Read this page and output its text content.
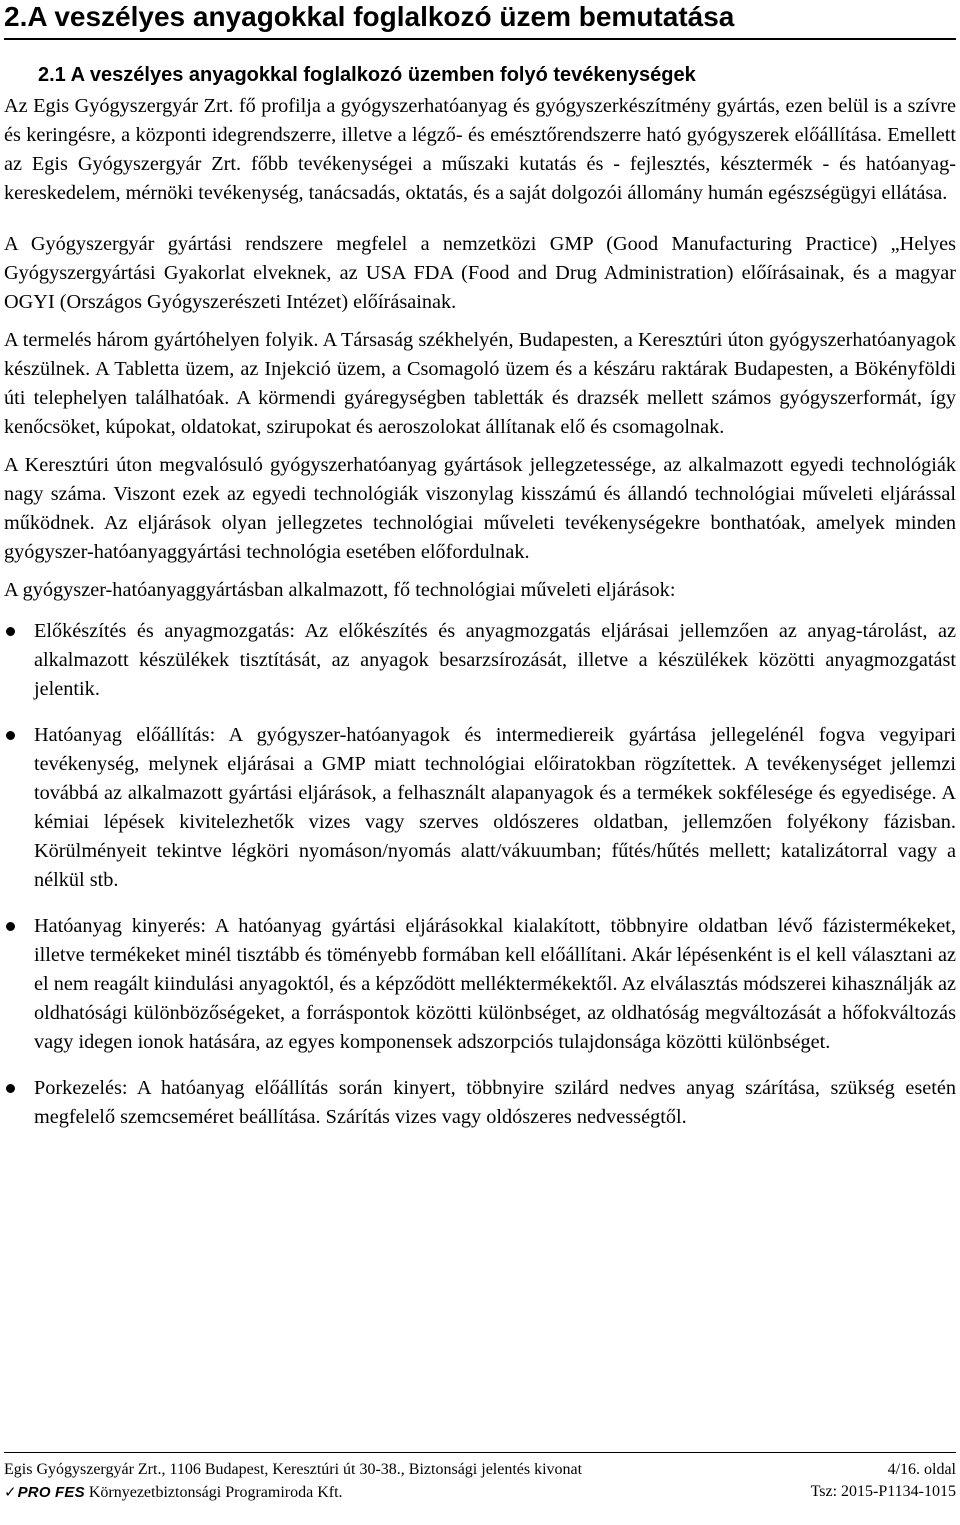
2.A veszélyes anyagokkal foglalkozó üzem bemutatása
2.1 A veszélyes anyagokkal foglalkozó üzemben folyó tevékenységek

Az Egis Gyógyszergyár Zrt. fő profilja a gyógyszerhatóanyag és gyógyszerkészítmény gyártás, ezen belül is a szívre és keringésre, a központi idegrendszerre, illetve a légző- és emésztőrendszerre ható gyógyszerek előállítása. Emellett az Egis Gyógyszergyár Zrt. főbb tevékenységei a műszaki kutatás és - fejlesztés, késztermék - és hatóanyag-kereskedelem, mérnöki tevékenység, tanácsadás, oktatás, és a saját dolgozói állomány humán egészségügyi ellátása.

A Gyógyszergyár gyártási rendszere megfelel a nemzetközi GMP (Good Manufacturing Practice) „Helyes Gyógyszergyártási Gyakorlat elveknek, az USA FDA (Food and Drug Administration) előírásainak, és a magyar OGYI (Országos Gyógyszerészeti Intézet) előírásainak.

A termelés három gyártóhelyen folyik. A Társaság székhelyén, Budapesten, a Keresztúri úton gyógyszerhatóanyagok készülnek. A Tabletta üzem, az Injekció üzem, a Csomagoló üzem és a készáru raktárak Budapesten, a Bökényföldi úti telephelyen találhatóak. A körmendi gyáregységben tabletták és drazsék mellett számos gyógyszerformát, így kenőcsöket, kúpokat, oldatokat, szirupokat és aeroszolokat állítanak elő és csomagolnak.

A Keresztúri úton megvalósuló gyógyszerhatóanyag gyártások jellegzetessége, az alkalmazott egyedi technológiák nagy száma. Viszont ezek az egyedi technológiák viszonylag kisszámú és állandó technológiai műveleti eljárással működnek. Az eljárások olyan jellegzetes technológiai műveleti tevékenységekre bonthatóak, amelyek minden gyógyszer-hatóanyaggyártási technológia esetében előfordulnak.

A gyógyszer-hatóanyaggyártásban alkalmazott, fő technológiai műveleti eljárások:

Előkészítés és anyagmozgatás: Az előkészítés és anyagmozgatás eljárásai jellemzően az anyag-tárolást, az alkalmazott készülékek tisztítását, az anyagok besarzsírozását, illetve a készülékek közötti anyagmozgatást jelentik.
Hatóanyag előállítás: A gyógyszer-hatóanyagok és intermediereik gyártása jellegelénél fogva vegyipari tevékenység, melynek eljárásai a GMP miatt technológiai előiratokban rögzítettek. A tevékenységet jellemzi továbbá az alkalmazott gyártási eljárások, a felhasznált alapanyagok és a termékek sokfélesége és egyedisége. A kémiai lépések kivitelezhetők vizes vagy szerves oldószeres oldatban, jellemzően folyékony fázisban. Körülményeit tekintve légköri nyomáson/nyomás alatt/vákuumban; fűtés/hűtés mellett; katalizátorral vagy a nélkül stb.
Hatóanyag kinyerés: A hatóanyag gyártási eljárásokkal kialakított, többnyire oldatban lévő fázistermékeket, illetve termékeket minél tisztább és töményebb formában kell előállítani. Akár lépésenként is el kell választani az el nem reagált kiindulási anyagoktól, és a képződött melléktermékektől. Az elválasztás módszerei kihasználják az oldhatósági különbözőségeket, a forráspontok közötti különbséget, az oldhatóság megváltozását a hőfokváltozás vagy idegen ionok hatására, az egyes komponensek adszorpciós tulajdonsága közötti különbséget.
Porkezelés: A hatóanyag előállítás során kinyert, többnyire szilárd nedves anyag szárítása, szükség esetén megfelelő szemcseméret beállítása. Szárítás vizes vagy oldószeres nedvességtől.
Egis Gyógyszergyár Zrt., 1106 Budapest, Keresztúri út 30-38., Biztonsági jelentés kivonat	4/16. oldal
✓PRO FES Környezetbiztonsági Programiroda Kft.	Tsz: 2015-P1134-1015
